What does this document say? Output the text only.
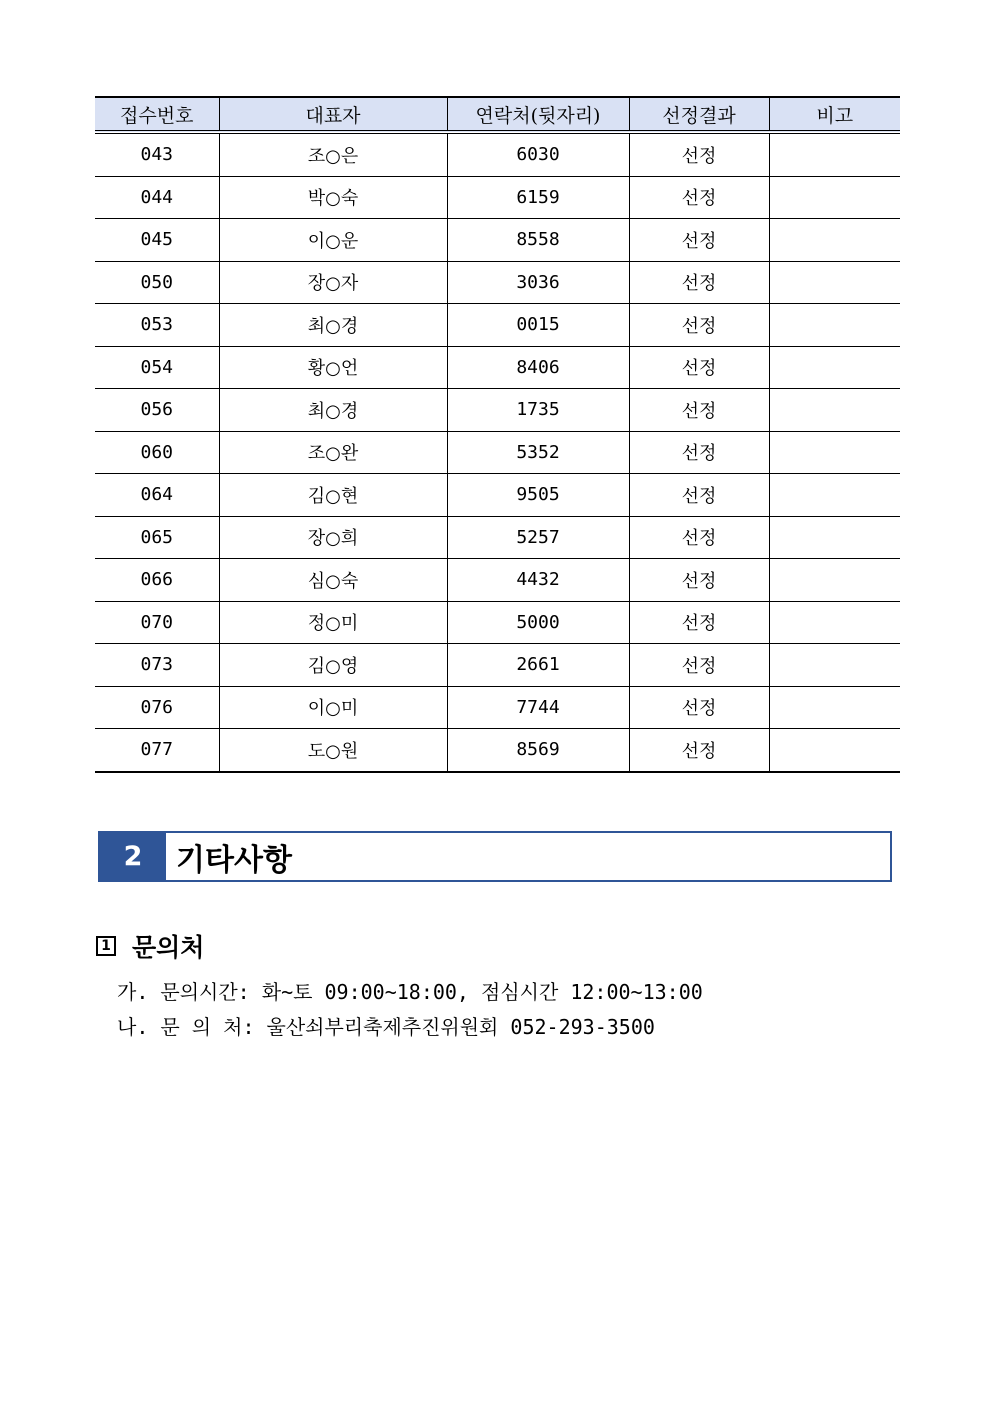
접수번호	대표자	연락처(뒷자리)	선정결과	비고
043	조○은	6030	선정	
044	박○숙	6159	선정	
045	이○운	8558	선정	
050	장○자	3036	선정	
053	최○경	0015	선정	
054	황○언	8406	선정	
056	최○경	1735	선정	
060	조○완	5352	선정	
064	김○현	9505	선정	
065	장○희	5257	선정	
066	심○숙	4432	선정	
070	정○미	5000	선정	
073	김○영	2661	선정	
076	이○미	7744	선정	
077	도○원	8569	선정	
2	기타사항
1 문의처
가. 문의시간: 화~토 09:00~18:00, 점심시간 12:00~13:00
나. 문 의 처: 울산쇠부리축제추진위원회 052-293-3500
